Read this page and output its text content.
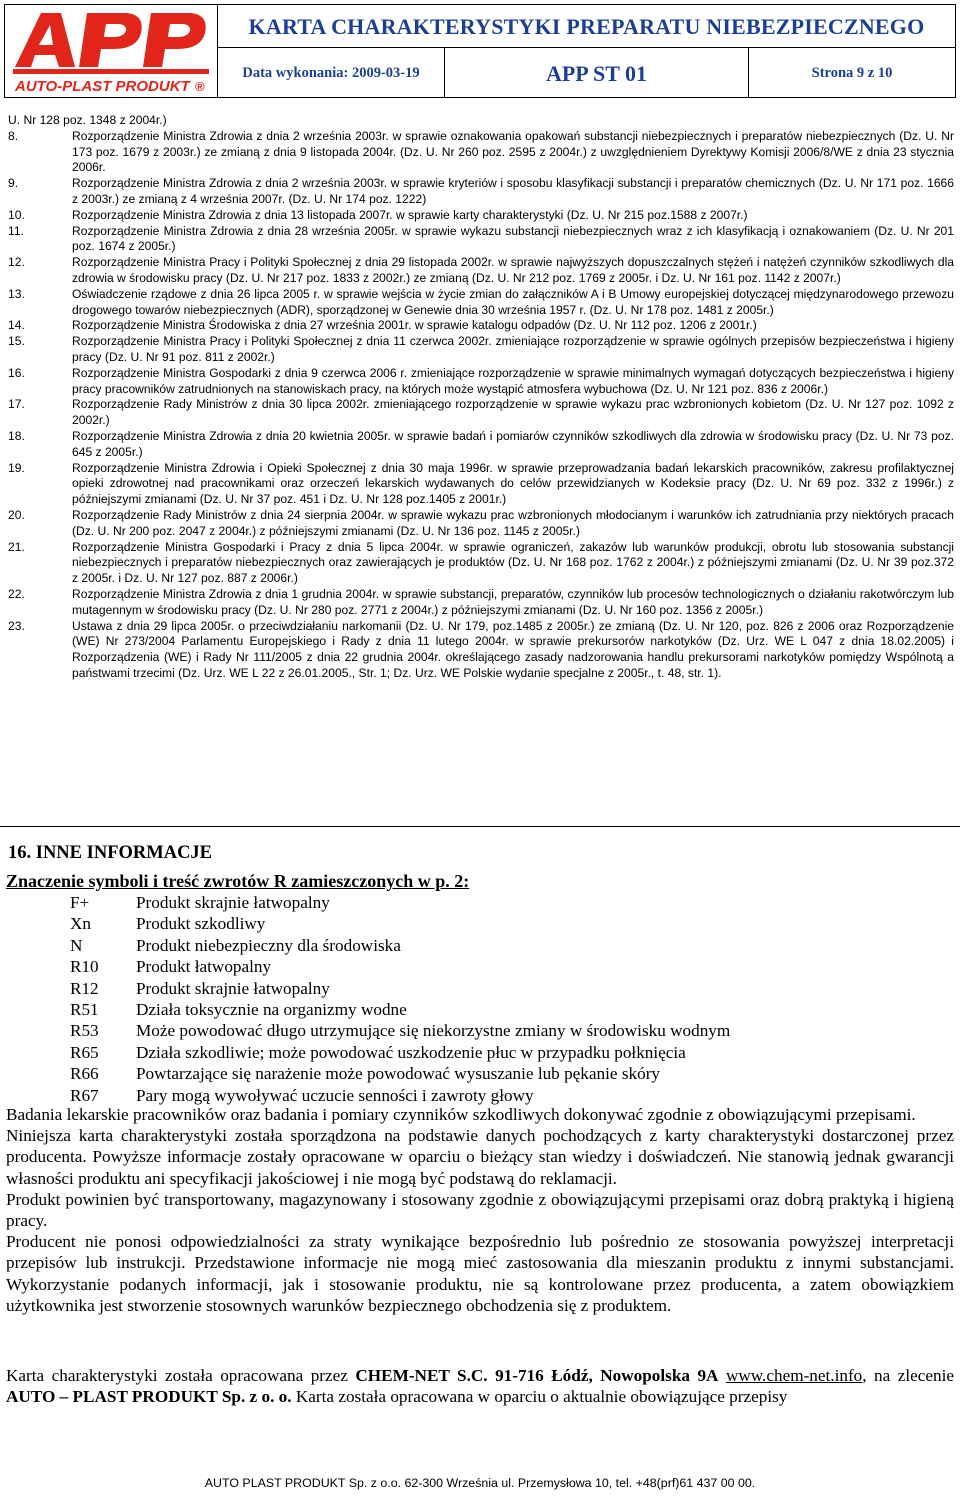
AUTO-PLAST PRODUKT ®
KARTA CHARAKTERYSTYKI PREPARATU NIEBEZPIECZNEGO
Data wykonania: 2009-03-19	APP ST 01	Strona 9 z 10
U. Nr 128 poz. 1348 z 2004r.)
8.	Rozporządzenie Ministra Zdrowia z dnia 2 września 2003r. w sprawie oznakowania opakowań substancji niebezpiecznych i preparatów niebezpiecznych (Dz. U. Nr 173 poz. 1679 z 2003r.) ze zmianą z dnia 9 listopada 2004r. (Dz. U. Nr 260 poz. 2595 z 2004r.) z uwzględnieniem Dyrektywy Komisji 2006/8/WE z dnia 23 stycznia 2006r.
9.	Rozporządzenie Ministra Zdrowia z dnia 2 września 2003r. w sprawie kryteriów i sposobu klasyfikacji substancji i preparatów chemicznych (Dz. U. Nr 171 poz. 1666 z 2003r.) ze zmianą z 4 września 2007r. (Dz. U. Nr 174 poz. 1222)
10.	Rozporządzenie Ministra Zdrowia z dnia 13 listopada 2007r. w sprawie karty charakterystyki (Dz. U. Nr 215 poz.1588 z 2007r.)
11.	Rozporządzenie Ministra Zdrowia z dnia 28 września 2005r. w sprawie wykazu substancji niebezpiecznych wraz z ich klasyfikacją i oznakowaniem (Dz. U. Nr 201 poz. 1674 z 2005r.)
12.	Rozporządzenie Ministra Pracy i Polityki Społecznej z dnia 29 listopada 2002r. w sprawie najwyższych dopuszczalnych stężeń i natężeń czynników szkodliwych dla zdrowia w środowisku pracy (Dz. U. Nr 217 poz. 1833 z 2002r.) ze zmianą (Dz. U. Nr 212 poz. 1769 z 2005r. i Dz. U. Nr 161 poz. 1142 z 2007r.)
13.	Oświadczenie rządowe z dnia 26 lipca 2005 r. w sprawie wejścia w życie zmian do załączników A i B Umowy europejskiej dotyczącej międzynarodowego przewozu drogowego towarów niebezpiecznych (ADR), sporządzonej w Genewie dnia 30 września 1957 r. (Dz. U. Nr 178 poz. 1481 z 2005r.)
14.	Rozporządzenie Ministra Środowiska z dnia 27 września 2001r. w sprawie katalogu odpadów (Dz. U. Nr 112 poz. 1206 z 2001r.)
15.	Rozporządzenie Ministra Pracy i Polityki Społecznej z dnia 11 czerwca 2002r. zmieniające rozporządzenie w sprawie ogólnych przepisów bezpieczeństwa i higieny pracy (Dz. U. Nr 91 poz. 811 z 2002r.)
16.	Rozporządzenie Ministra Gospodarki z dnia 9 czerwca 2006 r. zmieniające rozporządzenie w sprawie minimalnych wymagań dotyczących bezpieczeństwa i higieny pracy pracowników zatrudnionych na stanowiskach pracy, na których może wystąpić atmosfera wybuchowa (Dz. U. Nr 121 poz. 836 z 2006r.)
17.	Rozporządzenie Rady Ministrów z dnia 30 lipca 2002r. zmieniającego rozporządzenie w sprawie wykazu prac wzbronionych kobietom (Dz. U. Nr 127 poz. 1092 z 2002r.)
18.	Rozporządzenie Ministra Zdrowia z dnia 20 kwietnia 2005r. w sprawie badań i pomiarów czynników szkodliwych dla zdrowia w środowisku pracy (Dz. U. Nr 73 poz. 645 z 2005r.)
19.	Rozporządzenie Ministra Zdrowia i Opieki Społecznej z dnia 30 maja 1996r. w sprawie przeprowadzania badań lekarskich pracowników, zakresu profilaktycznej opieki zdrowotnej nad pracownikami oraz orzeczeń lekarskich wydawanych do celów przewidzianych w Kodeksie pracy (Dz. U. Nr 69 poz. 332 z 1996r.) z późniejszymi zmianami (Dz. U. Nr 37 poz. 451 i Dz. U. Nr 128 poz.1405 z 2001r.)
20.	Rozporządzenie Rady Ministrów z dnia 24 sierpnia 2004r. w sprawie wykazu prac wzbronionych młodocianym i warunków ich zatrudniania przy niektórych pracach (Dz. U. Nr 200 poz. 2047 z 2004r.) z późniejszymi zmianami (Dz. U. Nr 136 poz. 1145 z 2005r.)
21.	Rozporządzenie Ministra Gospodarki i Pracy z dnia 5 lipca 2004r. w sprawie ograniczeń, zakazów lub warunków produkcji, obrotu lub stosowania substancji niebezpiecznych i preparatów niebezpiecznych oraz zawierających je produktów (Dz. U. Nr 168 poz. 1762 z 2004r.) z późniejszymi zmianami (Dz. U. Nr 39 poz.372 z 2005r. i Dz. U. Nr 127 poz. 887 z 2006r.)
22.	Rozporządzenie Ministra Zdrowia z dnia 1 grudnia 2004r. w sprawie substancji, preparatów, czynników lub procesów technologicznych o działaniu rakotwórczym lub mutagennym w środowisku pracy (Dz. U. Nr 280 poz. 2771 z 2004r.) z późniejszymi zmianami (Dz. U. Nr 160 poz. 1356 z 2005r.)
23.	Ustawa z dnia 29 lipca 2005r. o przeciwdziałaniu narkomanii (Dz. U. Nr 179, poz.1485 z 2005r.) ze zmianą (Dz. U. Nr 120, poz. 826 z 2006 oraz Rozporządzenie (WE) Nr 273/2004 Parlamentu Europejskiego i Rady z dnia 11 lutego 2004r. w sprawie prekursorów narkotyków (Dz. Urz. WE L 047 z dnia 18.02.2005) i Rozporządzenia (WE) i Rady Nr 111/2005 z dnia 22 grudnia 2004r. określającego zasady nadzorowania handlu prekursorami narkotyków pomiędzy Wspólnotą a państwami trzecimi (Dz. Urz. WE L 22 z 26.01.2005., Str. 1; Dz. Urz. WE Polskie wydanie specjalne z 2005r., t. 48, str. 1).
16. INNE INFORMACJE
Znaczenie symboli i treść zwrotów R zamieszczonych w p. 2:
F+	Produkt skrajnie łatwopalny
Xn	Produkt szkodliwy
N	Produkt niebezpieczny dla środowiska
R10 Produkt łatwopalny
R12 Produkt skrajnie łatwopalny
R51 Działa toksycznie na organizmy wodne
R53 Może powodować długo utrzymujące się niekorzystne zmiany w środowisku wodnym
R65 Działa szkodliwie; może powodować uszkodzenie płuc w przypadku połknięcia
R66 Powtarzające się narażenie może powodować wysuszanie lub pękanie skóry
R67 Pary mogą wywoływać uczucie senności i zawroty głowy

Badania lekarskie pracowników oraz badania i pomiary czynników szkodliwych dokonywać zgodnie z obowiązującymi przepisami.

Niniejsza karta charakterystyki została sporządzona na podstawie danych pochodzących z karty charakterystyki dostarczonej przez producenta. Powyższe informacje zostały opracowane w oparciu o bieżący stan wiedzy i doświadczeń. Nie stanowią jednak gwarancji własności produktu ani specyfikacji jakościowej i nie mogą być podstawą do reklamacji.

Produkt powinien być transportowany, magazynowany i stosowany zgodnie z obowiązującymi przepisami oraz dobrą praktyką i higieną pracy.

Producent nie ponosi odpowiedzialności za straty wynikające bezpośrednio lub pośrednio ze stosowania powyższej interpretacji przepisów lub instrukcji. Przedstawione informacje nie mogą mieć zastosowania dla mieszanin produktu z innymi substancjami. Wykorzystanie podanych informacji, jak i stosowanie produktu, nie są kontrolowane przez producenta, a zatem obowiązkiem użytkownika jest stworzenie stosownych warunków bezpiecznego obchodzenia się z produktem.

Karta charakterystyki została opracowana przez CHEM-NET S.C. 91-716 Łódź, Nowopolska 9A www.chem-net.info, na zlecenie AUTO – PLAST PRODUKT Sp. z o. o. Karta została opracowana w oparciu o aktualnie obowiązujące przepisy
AUTO PLAST PRODUKT Sp. z o.o. 62-300 Września ul. Przemysłowa 10, tel. +48(prf)61 437 00 00.
